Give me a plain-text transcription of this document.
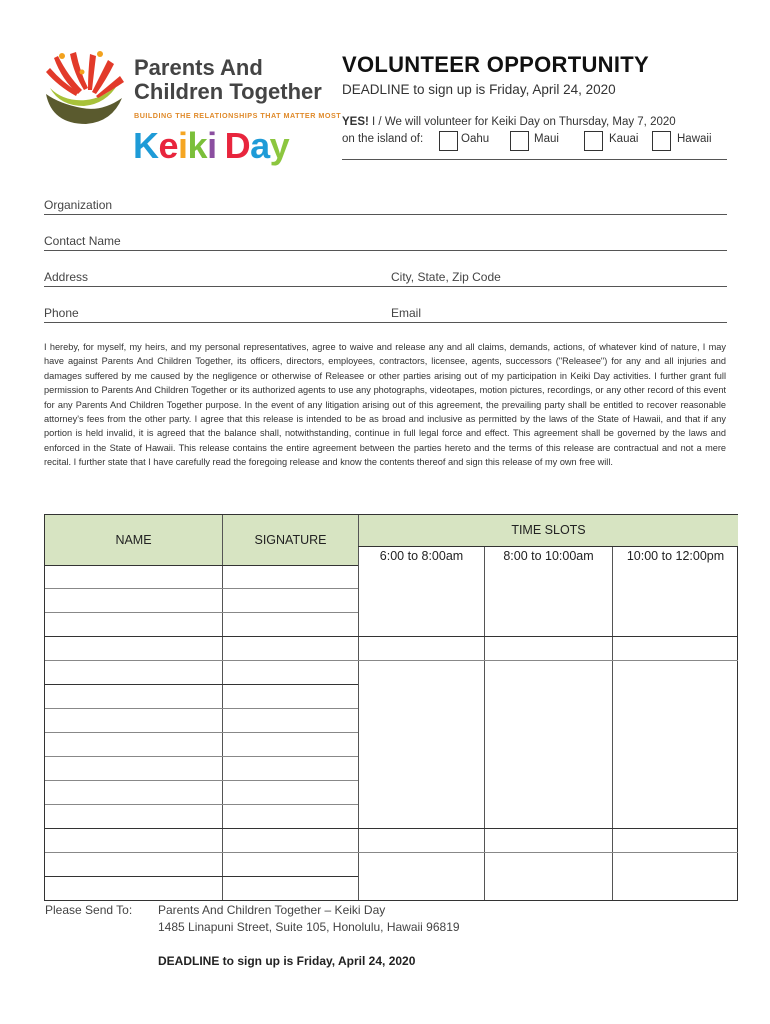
Parents And
Children Together
BUILDING THE RELATIONSHIPS THAT MATTER MOST
Keiki Day
VOLUNTEER OPPORTUNITY
DEADLINE to sign up is Friday, April 24, 2020
YES! I / We will volunteer for Keiki Day on Thursday, May 7, 2020
on the island of:	Oahu	Maui	Kauai	Hawaii
Organization
Contact Name
Address	City, State, Zip Code
Phone	Email
I hereby, for myself, my heirs, and my personal representatives, agree to waive and release any and all claims, demands, actions, of whatever kind of nature, I may have against Parents And Children Together, its officers, directors, employees, contractors, licensee, agents, successors ("Releasee") for any and all injuries and damages suffered by me caused by the negligence or otherwise of Releasee or other parties arising out of my participation in Keiki Day activities. I further grant full permission to Parents And Children Together or its authorized agents to use any photographs, videotapes, motion pictures, recordings, or any other record of this event for any Parents And Children Together purpose. In the event of any litigation arising out of this agreement, the prevailing party shall be entitled to recover reasonable attorney's fees from the other party. I agree that this release is intended to be as broad and inclusive as permitted by the laws of the State of Hawaii, and that if any portion is held invalid, it is agreed that the balance shall, notwithstanding, continue in full legal force and effect. This agreement shall be governed by the laws and enforced in the State of Hawaii. This release contains the entire agreement between the parties hereto and the terms of this release are contractual and not a mere recital. I further state that I have carefully read the foregoing release and know the contents thereof and sign this release of my own free will.
NAME	SIGNATURE
TIME SLOTS
6:00 to 8:00am	8:00 to 10:00am	10:00 to 12:00pm
Please Send To: Parents And Children Together – Keiki Day
1485 Linapuni Street, Suite 105, Honolulu, Hawaii 96819
DEADLINE to sign up is Friday, April 24, 2020
